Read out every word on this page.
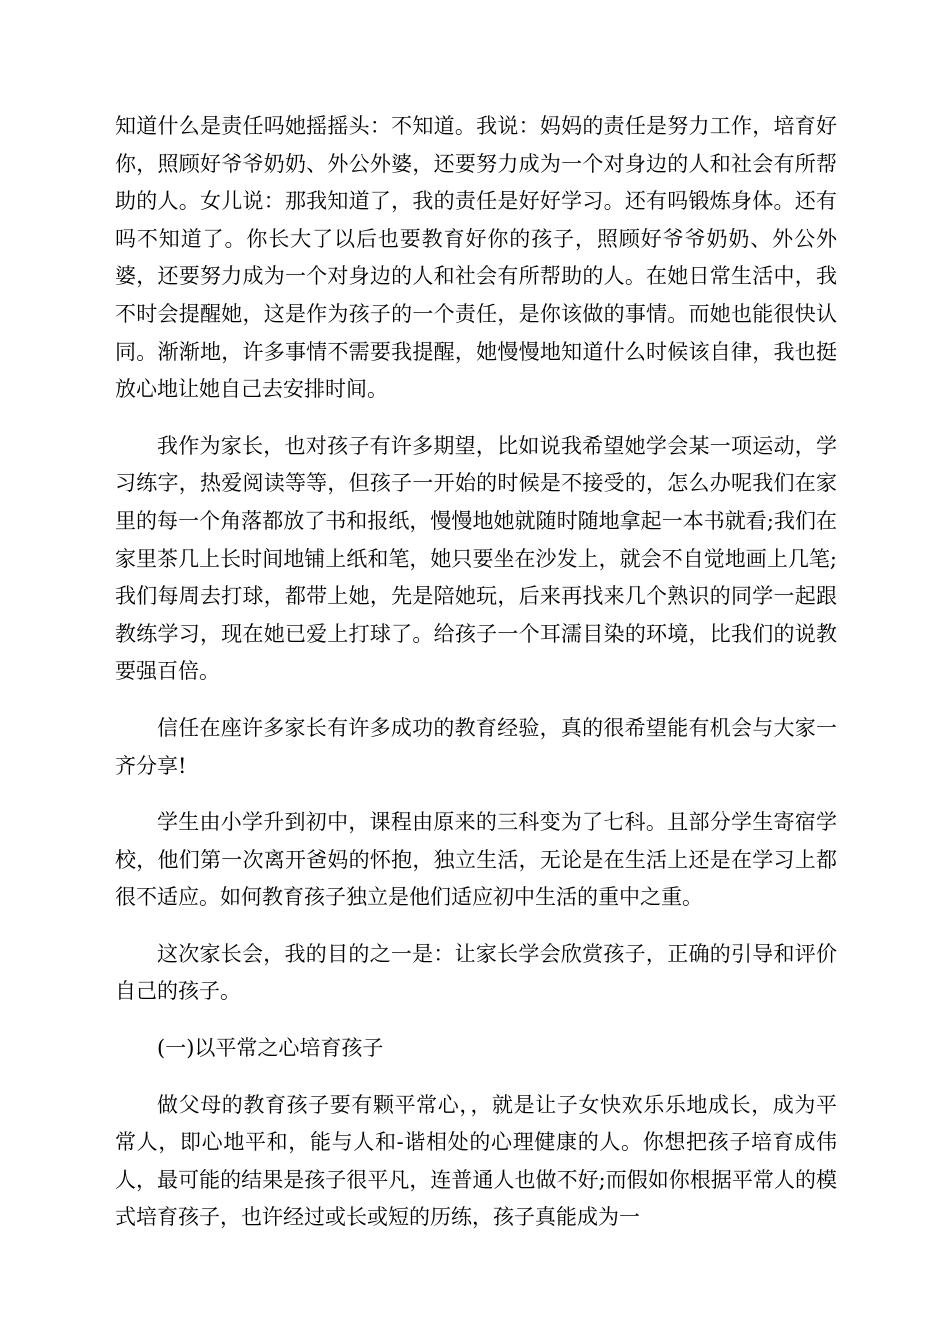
知道什么是责任吗她摇摇头：不知道。我说：妈妈的责任是努力工作，培育好你，照顾好爷爷奶奶、外公外婆，还要努力成为一个对身边的人和社会有所帮助的人。女儿说：那我知道了，我的责任是好好学习。还有吗锻炼身体。还有吗不知道了。你长大了以后也要教育好你的孩子，照顾好爷爷奶奶、外公外婆，还要努力成为一个对身边的人和社会有所帮助的人。在她日常生活中，我不时会提醒她，这是作为孩子的一个责任，是你该做的事情。而她也能很快认同。渐渐地，许多事情不需要我提醒，她慢慢地知道什么时候该自律，我也挺放心地让她自己去安排时间。

我作为家长，也对孩子有许多期望，比如说我希望她学会某一项运动，学习练字，热爱阅读等等，但孩子一开始的时候是不接受的，怎么办呢我们在家里的每一个角落都放了书和报纸，慢慢地她就随时随地拿起一本书就看;我们在家里茶几上长时间地铺上纸和笔，她只要坐在沙发上，就会不自觉地画上几笔;我们每周去打球，都带上她，先是陪她玩，后来再找来几个熟识的同学一起跟教练学习，现在她已爱上打球了。给孩子一个耳濡目染的环境，比我们的说教要强百倍。

信任在座许多家长有许多成功的教育经验，真的很希望能有机会与大家一齐分享!

学生由小学升到初中，课程由原来的三科变为了七科。且部分学生寄宿学校，他们第一次离开爸妈的怀抱，独立生活，无论是在生活上还是在学习上都很不适应。如何教育孩子独立是他们适应初中生活的重中之重。

这次家长会，我的目的之一是：让家长学会欣赏孩子，正确的引导和评价自己的孩子。

(一)以平常之心培育孩子

做父母的教育孩子要有颗平常心，，就是让子女快欢乐乐地成长，成为平常人，即心地平和，能与人和-谐相处的心理健康的人。你想把孩子培育成伟人，最可能的结果是孩子很平凡，连普通人也做不好;而假如你根据平常人的模式培育孩子，也许经过或长或短的历练，孩子真能成为一
